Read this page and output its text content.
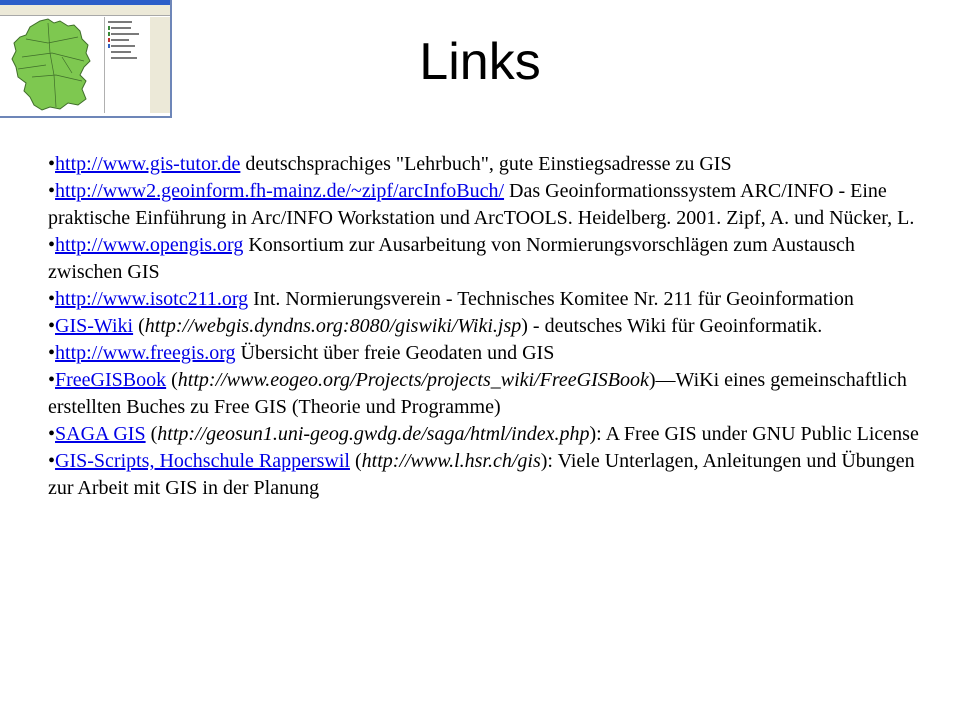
Links
•http://www.gis-tutor.de deutschsprachiges "Lehrbuch", gute Einstiegsadresse zu GIS
•http://www2.geoinform.fh-mainz.de/~zipf/arcInfoBuch/ Das Geoinformationssystem ARC/INFO - Eine praktische Einführung in Arc/INFO Workstation und ArcTOOLS. Heidelberg. 2001. Zipf, A. und Nücker, L.
•http://www.opengis.org Konsortium zur Ausarbeitung von Normierungsvorschlägen zum Austausch zwischen GIS
•http://www.isotc211.org Int. Normierungsverein - Technisches Komitee Nr. 211 für Geoinformation
•GIS-Wiki (http://webgis.dyndns.org:8080/giswiki/Wiki.jsp) - deutsches Wiki für Geoinformatik.
•http://www.freegis.org Übersicht über freie Geodaten und GIS
•FreeGISBook (http://www.eogeo.org/Projects/projects_wiki/FreeGISBook)—WiKi eines gemeinschaftlich erstellten Buches zu Free GIS (Theorie und Programme)
•SAGA GIS (http://geosun1.uni-geog.gwdg.de/saga/html/index.php): A Free GIS under GNU Public License
•GIS-Scripts, Hochschule Rapperswil (http://www.l.hsr.ch/gis): Viele Unterlagen, Anleitungen und Übungen zur Arbeit mit GIS in der Planung
